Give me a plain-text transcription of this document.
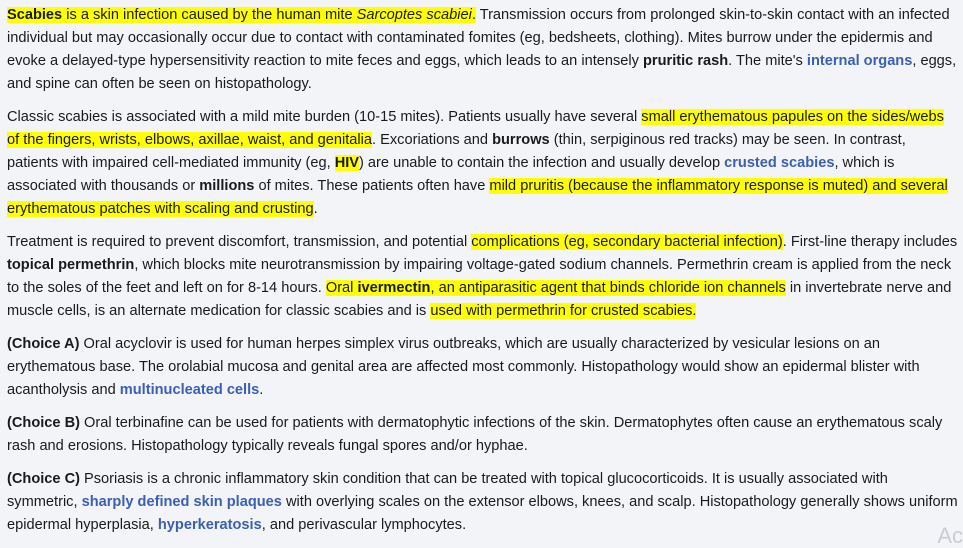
Scabies is a skin infection caused by the human mite Sarcoptes scabiei. Transmission occurs from prolonged skin-to-skin contact with an infected individual but may occasionally occur due to contact with contaminated fomites (eg, bedsheets, clothing). Mites burrow under the epidermis and evoke a delayed-type hypersensitivity reaction to mite feces and eggs, which leads to an intensely pruritic rash. The mite's internal organs, eggs, and spine can often be seen on histopathology.

Classic scabies is associated with a mild mite burden (10-15 mites). Patients usually have several small erythematous papules on the sides/webs of the fingers, wrists, elbows, axillae, waist, and genitalia. Excoriations and burrows (thin, serpiginous red tracks) may be seen. In contrast, patients with impaired cell-mediated immunity (eg, HIV) are unable to contain the infection and usually develop crusted scabies, which is associated with thousands or millions of mites. These patients often have mild pruritis (because the inflammatory response is muted) and several erythematous patches with scaling and crusting.

Treatment is required to prevent discomfort, transmission, and potential complications (eg, secondary bacterial infection). First-line therapy includes topical permethrin, which blocks mite neurotransmission by impairing voltage-gated sodium channels. Permethrin cream is applied from the neck to the soles of the feet and left on for 8-14 hours. Oral ivermectin, an antiparasitic agent that binds chloride ion channels in invertebrate nerve and muscle cells, is an alternate medication for classic scabies and is used with permethrin for crusted scabies.

(Choice A) Oral acyclovir is used for human herpes simplex virus outbreaks, which are usually characterized by vesicular lesions on an erythematous base. The orolabial mucosa and genital area are affected most commonly. Histopathology would show an epidermal blister with acantholysis and multinucleated cells.

(Choice B) Oral terbinafine can be used for patients with dermatophytic infections of the skin. Dermatophytes often cause an erythematous scaly rash and erosions. Histopathology typically reveals fungal spores and/or hyphae.

(Choice C) Psoriasis is a chronic inflammatory skin condition that can be treated with topical glucocorticoids. It is usually associated with symmetric, sharply defined skin plaques with overlying scales on the extensor elbows, knees, and scalp. Histopathology generally shows uniform epidermal hyperplasia, hyperkeratosis, and perivascular lymphocytes.

Ac
